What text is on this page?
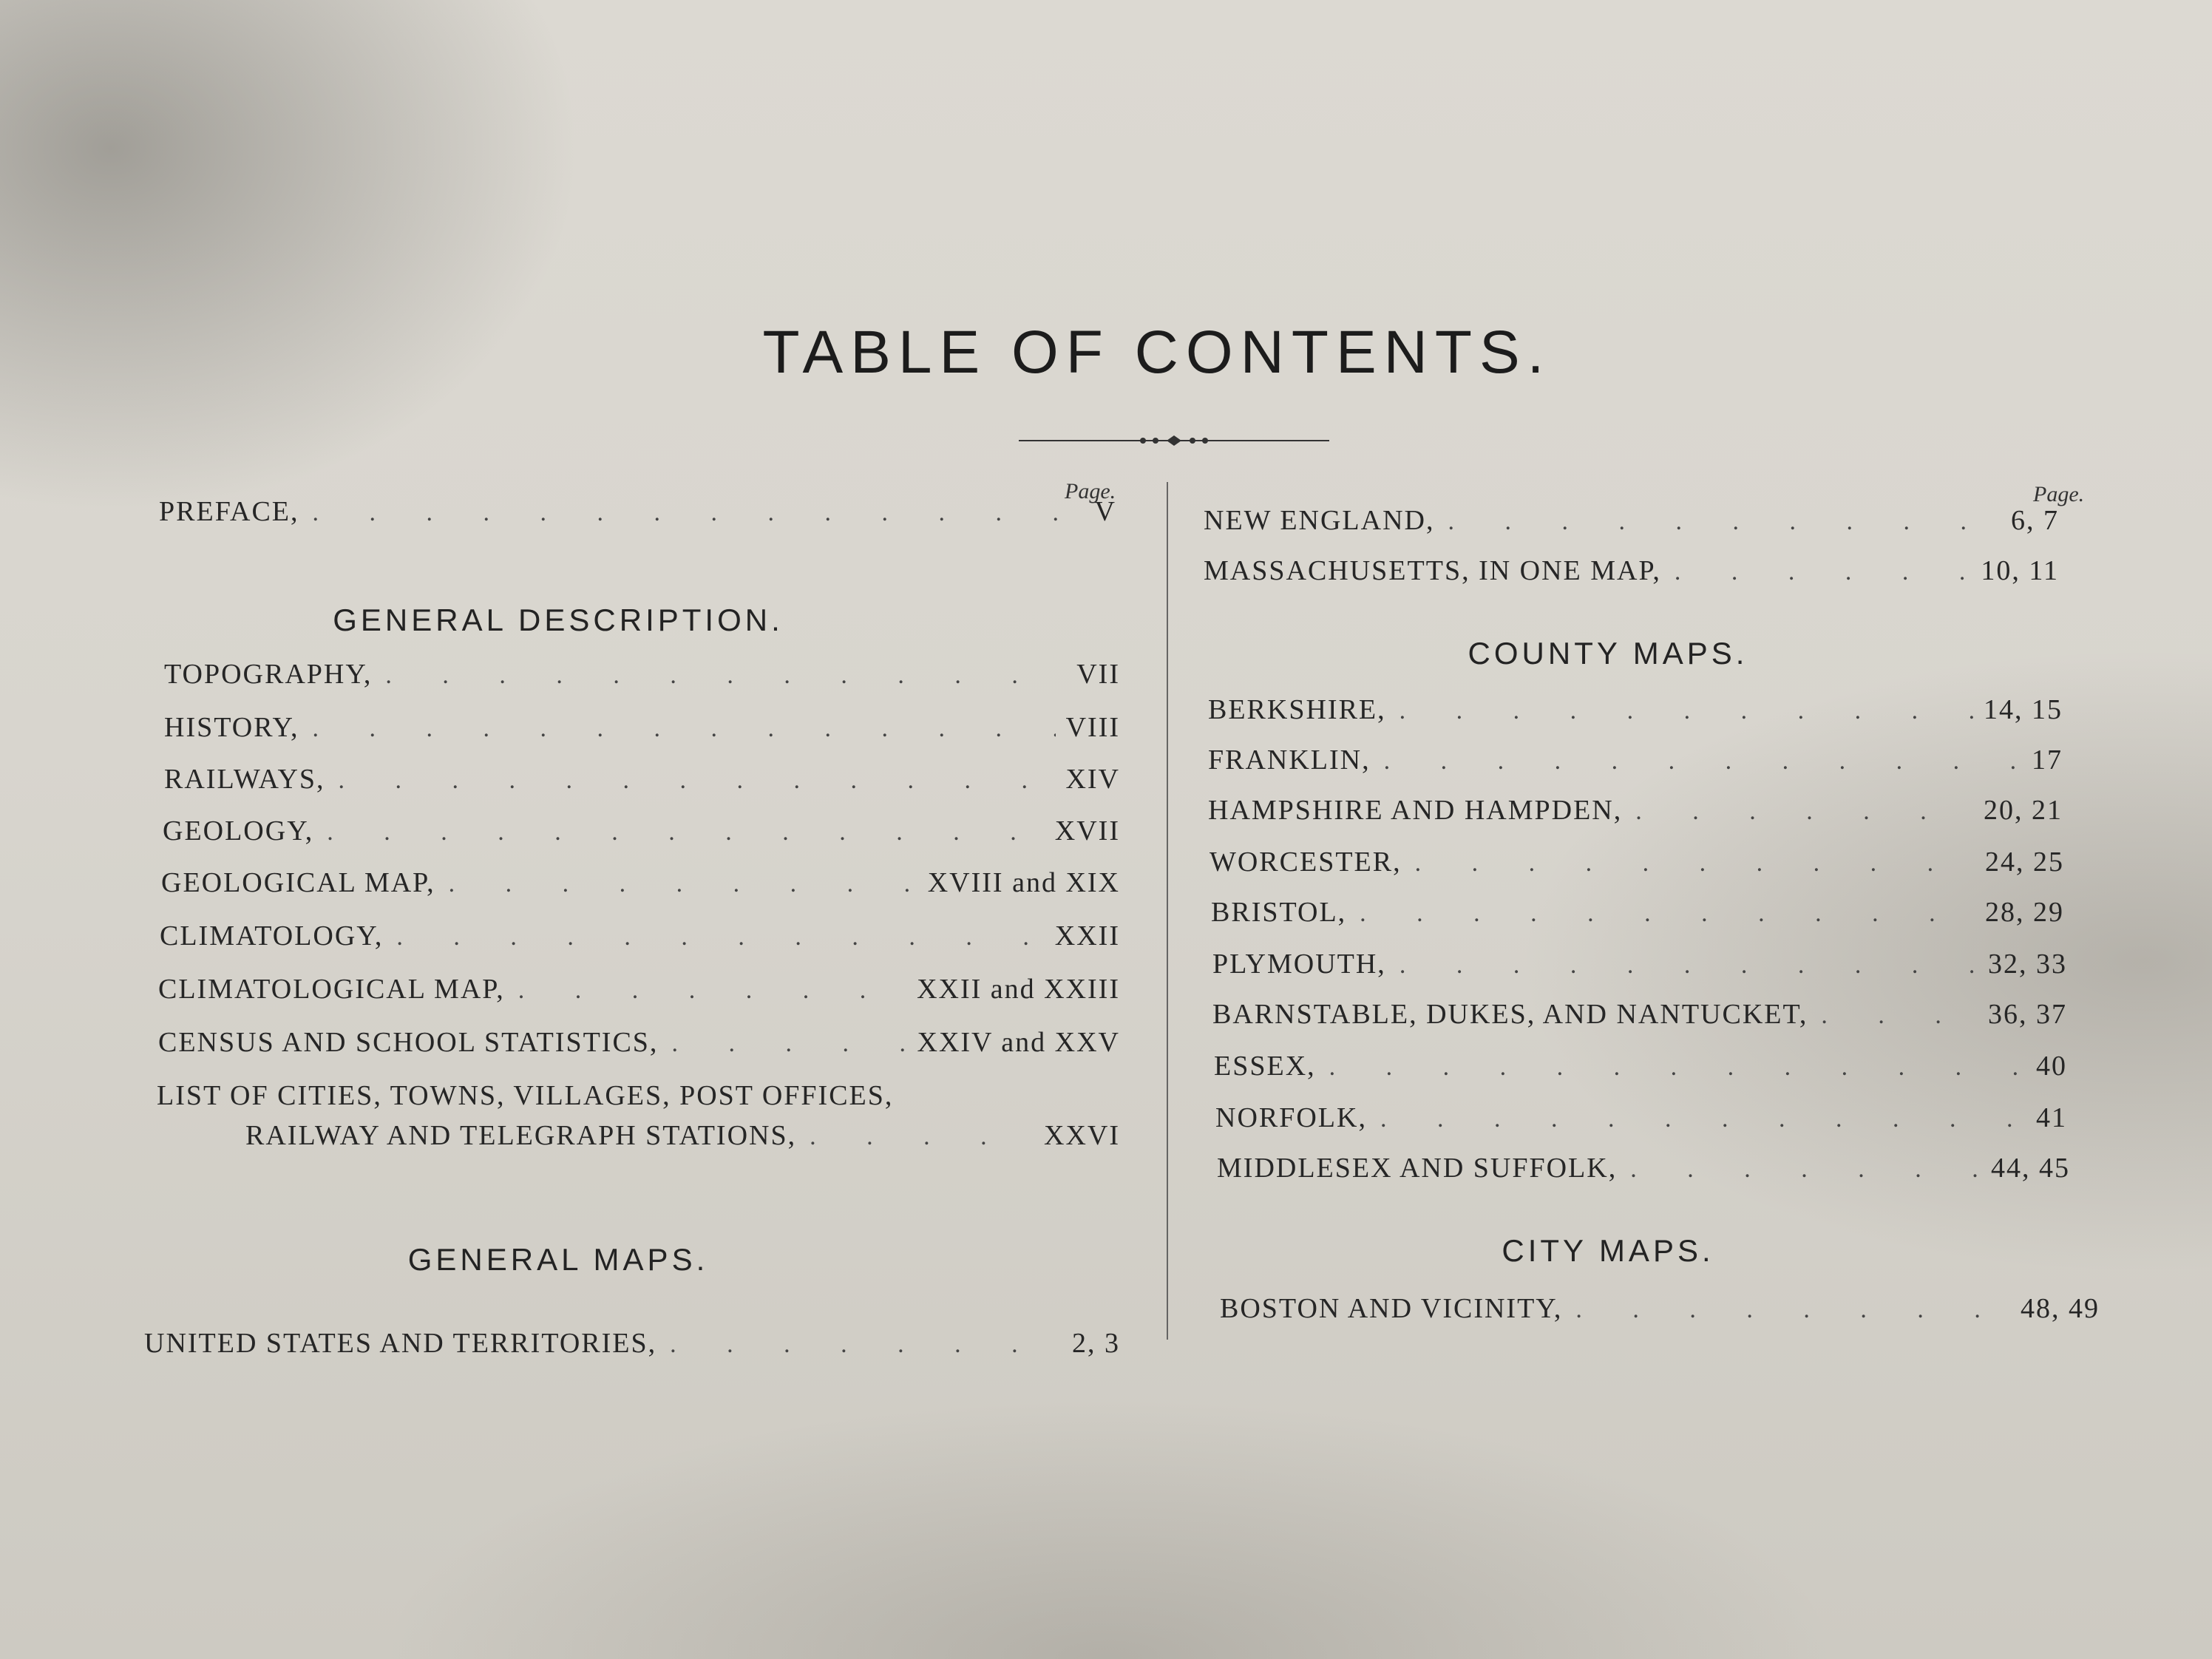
TABLE OF CONTENTS.
Page.
PREFACE, . . .	V
GENERAL DESCRIPTION.
TOPOGRAPHY, . . .	VII
HISTORY, . . .	VIII
RAILWAYS, . . .	XIV
GEOLOGY, . . .	XVII
GEOLOGICAL MAP, . . .	XVIII and XIX
CLIMATOLOGY, . . .	XXII
CLIMATOLOGICAL MAP, . . .	XXII and XXIII
CENSUS AND SCHOOL STATISTICS, . . .	XXIV and XXV
LIST OF CITIES, TOWNS, VILLAGES, POST OFFICES,
RAILWAY AND TELEGRAPH STATIONS, . . .	XXVI
GENERAL MAPS.
UNITED STATES AND TERRITORIES, . . .	2, 3
Page.
NEW ENGLAND, . . .	6, 7
MASSACHUSETTS, IN ONE MAP, . . .	10, 11
COUNTY MAPS.
BERKSHIRE, . . .	14, 15
FRANKLIN, . . .	17
HAMPSHIRE AND HAMPDEN, . . .	20, 21
WORCESTER, . . .	24, 25
BRISTOL, . . .	28, 29
PLYMOUTH, . . .	32, 33
BARNSTABLE, DUKES, AND NANTUCKET, . . .	36, 37
ESSEX, . . .	40
NORFOLK, . . .	41
MIDDLESEX AND SUFFOLK, . . .	44, 45
CITY MAPS.
BOSTON AND VICINITY, . . .	48, 49
